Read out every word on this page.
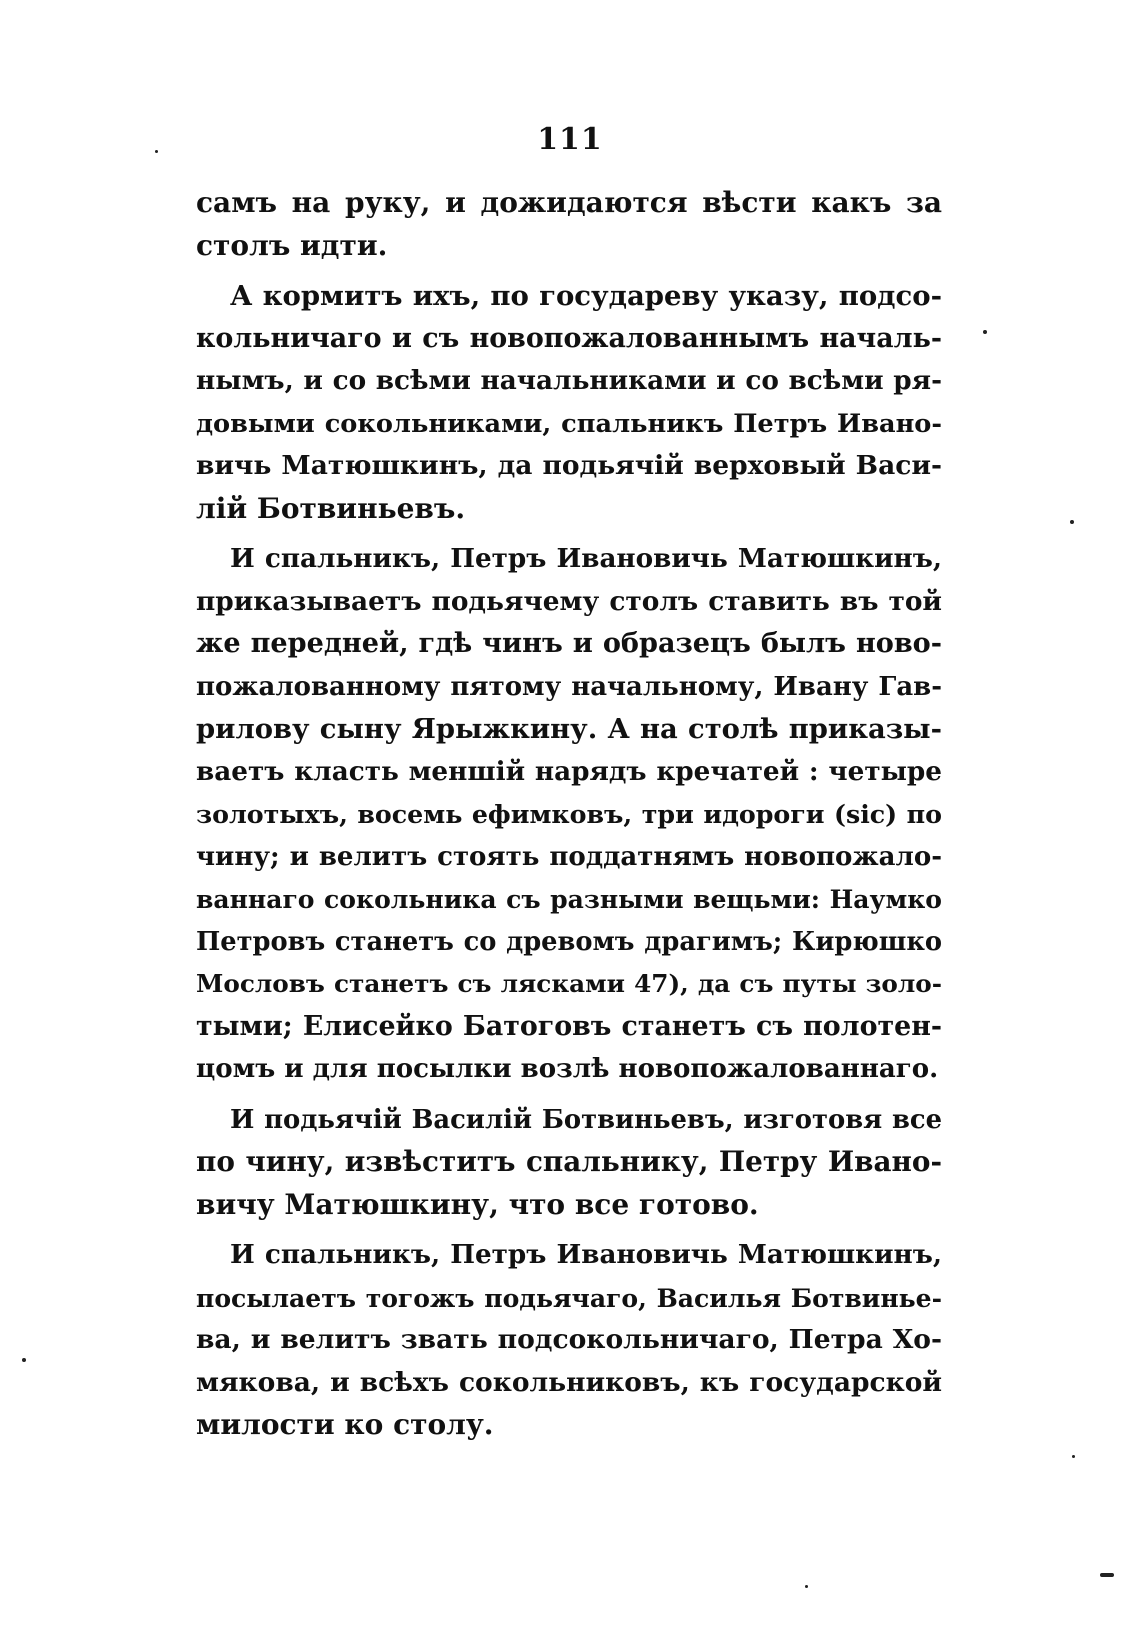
111
самъ на руку, и дожидаются вѣсти какъ за
столъ идти.
А кормитъ ихъ, по государеву указу, подсо-
кольничаго и съ новопожалованнымъ началь-
нымъ, и со всѣми начальниками и со всѣми ря-
довыми сокольниками, спальникъ Петръ Ивано-
вичь Матюшкинъ, да подьячій верховый Васи-
лій Ботвиньевъ.
И спальникъ, Петръ Ивановичь Матюшкинъ,
приказываетъ подьячему столъ ставить въ той
же передней, гдѣ чинъ и образецъ былъ ново-
пожалованному пятому начальному, Ивану Гав-
рилову сыну Ярыжкину. А на столѣ приказы-
ваетъ класть меншій нарядъ кречатей : четыре
золотыхъ, восемь ефимковъ, три идороги (sic) по
чину; и велитъ стоять поддатнямъ новопожало-
ваннаго сокольника съ разными вещьми: Наумко
Петровъ станетъ со древомъ драгимъ; Кирюшко
Мословъ станетъ съ лясками 47), да съ путы золо-
тыми; Елисейко Батоговъ станетъ съ полотен-
цомъ и для посылки возлѣ новопожалованнаго.
И подьячій Василій Ботвиньевъ, изготовя все
по чину, извѣститъ спальнику, Петру Ивано-
вичу Матюшкину, что все готово.
И спальникъ, Петръ Ивановичь Матюшкинъ,
посылаетъ тогожъ подьячаго, Василья Ботвинье-
ва, и велитъ звать подсокольничаго, Петра Хо-
мякова, и всѣхъ сокольниковъ, къ государской
милости ко столу.
